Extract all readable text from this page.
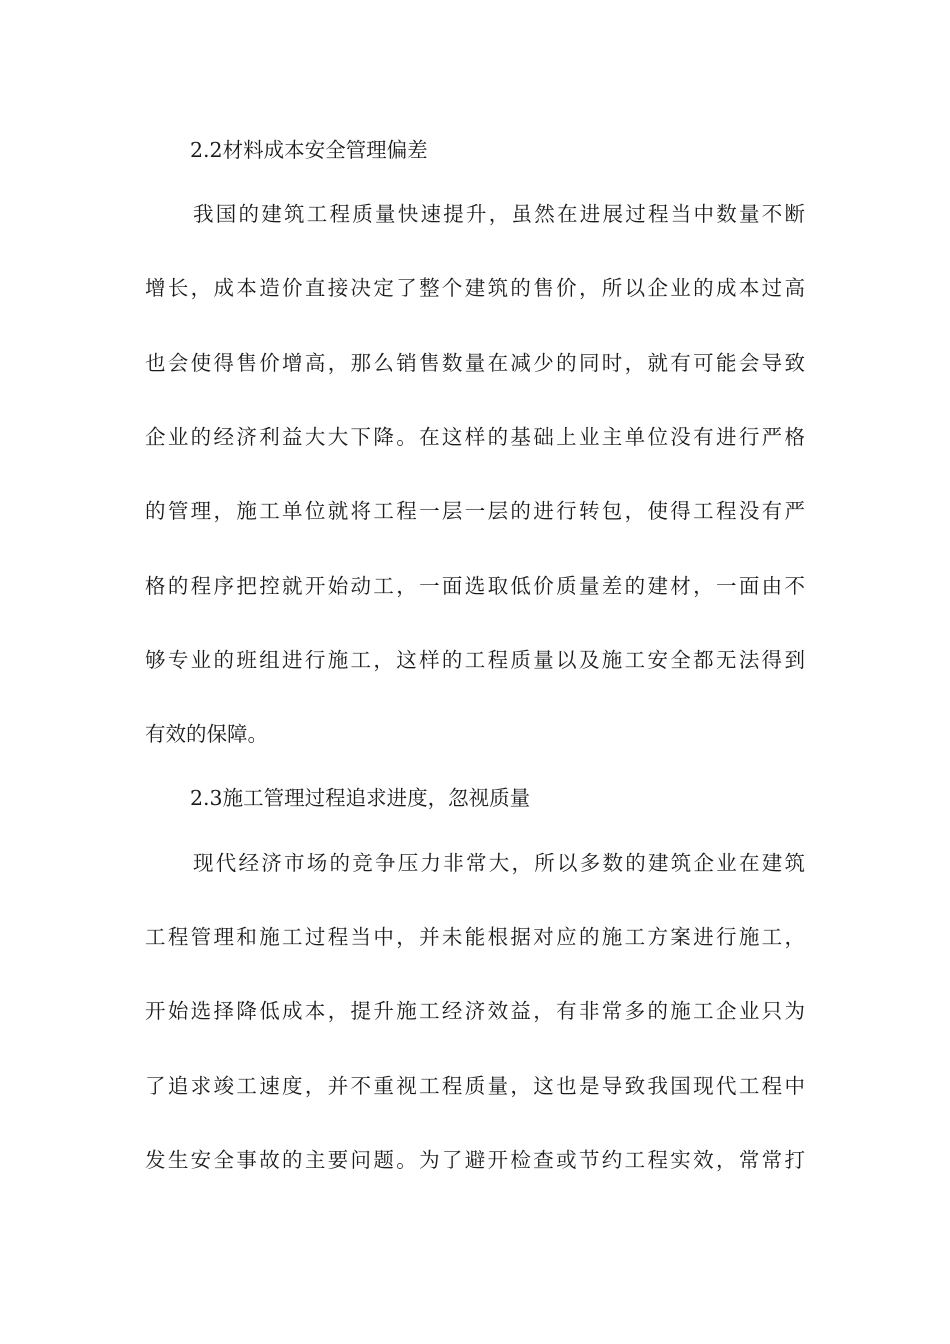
2.2材料成本安全管理偏差
我国的建筑工程质量快速提升，虽然在进展过程当中数量不断
增长，成本造价直接决定了整个建筑的售价，所以企业的成本过高
也会使得售价增高，那么销售数量在减少的同时，就有可能会导致
企业的经济利益大大下降。在这样的基础上业主单位没有进行严格
的管理，施工单位就将工程一层一层的进行转包，使得工程没有严
格的程序把控就开始动工，一面选取低价质量差的建材，一面由不
够专业的班组进行施工，这样的工程质量以及施工安全都无法得到
有效的保障。
2.3施工管理过程追求进度，忽视质量
现代经济市场的竞争压力非常大，所以多数的建筑企业在建筑
工程管理和施工过程当中，并未能根据对应的施工方案进行施工，
开始选择降低成本，提升施工经济效益，有非常多的施工企业只为
了追求竣工速度，并不重视工程质量，这也是导致我国现代工程中
发生安全事故的主要问题。为了避开检查或节约工程实效，常常打
